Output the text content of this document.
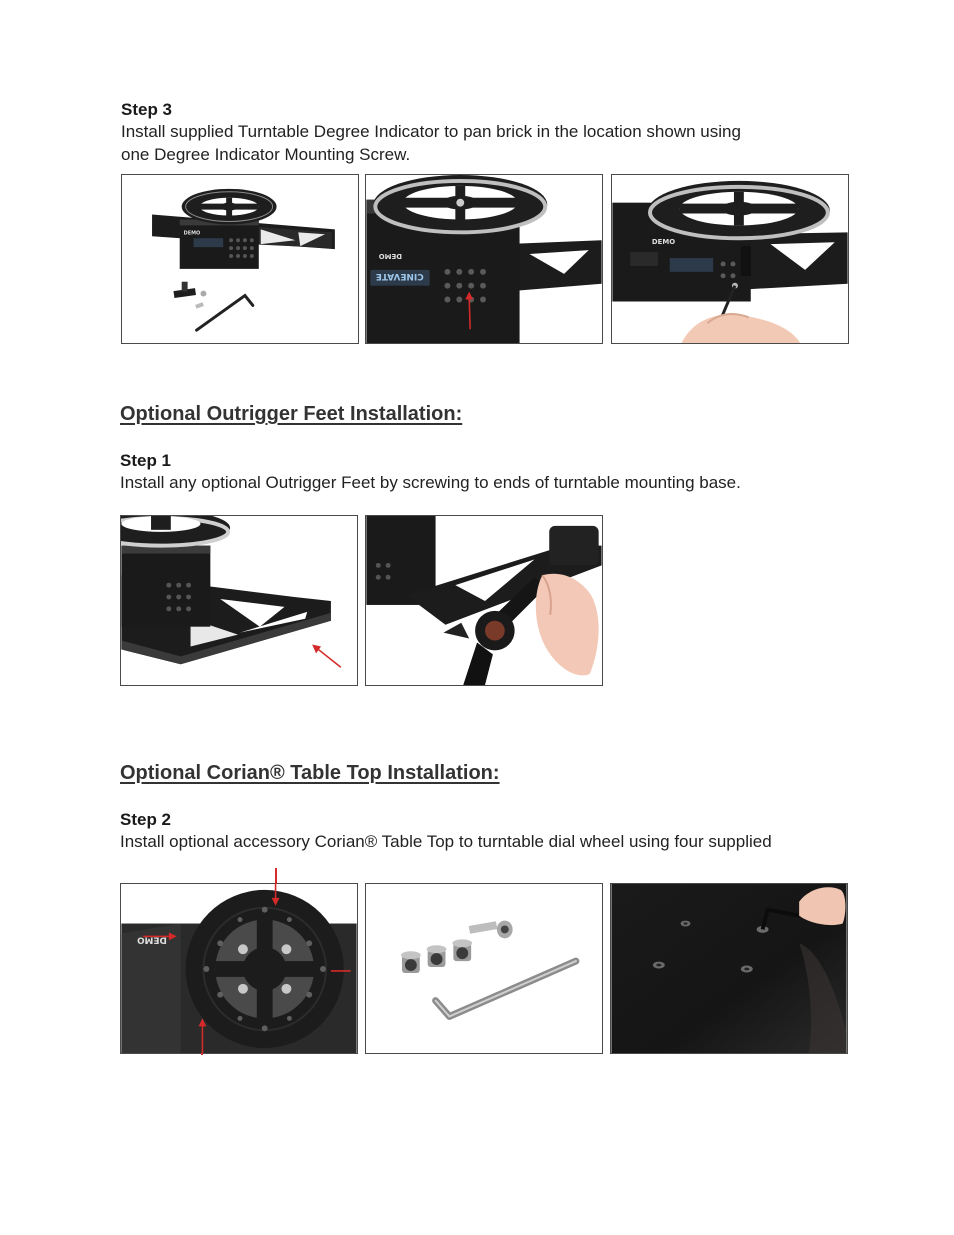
Step 3
Install supplied Turntable Degree Indicator to pan brick in the location shown using
one Degree Indicator Mounting Screw.
DEMO
DEMO
CINEVATE
DEMO
Optional Outrigger Feet Installation:
Step 1
Install any optional Outrigger Feet by screwing to ends of turntable mounting base.
Optional Corian® Table Top Installation:
Step 2
Install optional accessory Corian® Table Top to turntable dial wheel using four supplied
DEMO
